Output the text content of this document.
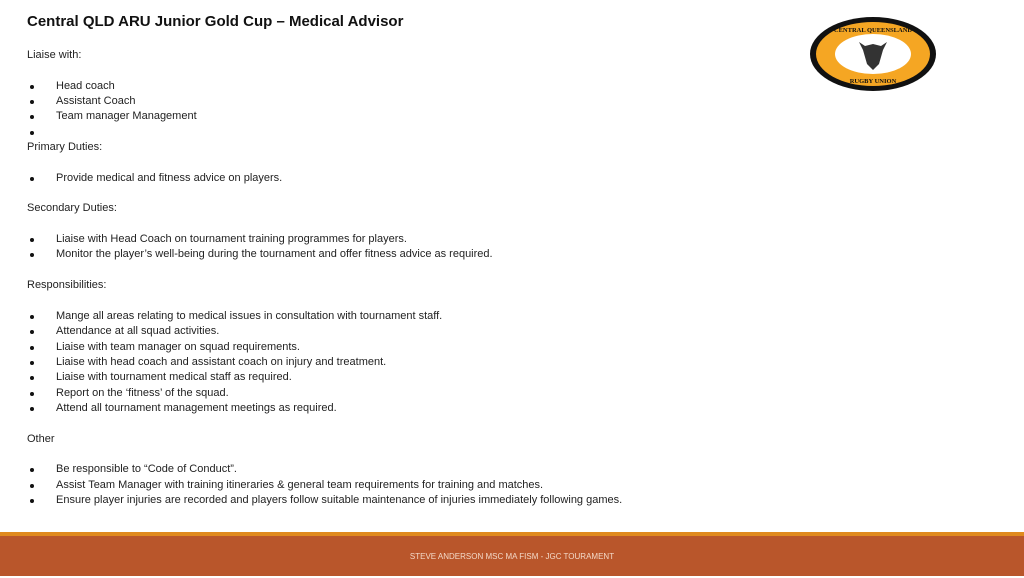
Central QLD ARU Junior Gold Cup – Medical Advisor
Liaise with:
Head coach
Assistant Coach
Team manager Management
Primary Duties:
Provide medical and fitness advice on players.
Secondary Duties:
Liaise with Head Coach on tournament training programmes for players.
Monitor the player’s well-being during the tournament and offer fitness advice as required.
Responsibilities:
Mange all areas relating to medical issues in consultation with tournament staff.
Attendance at all squad activities.
Liaise with team manager on squad requirements.
Liaise with head coach and assistant coach on injury and treatment.
Liaise with tournament medical staff as required.
Report on the ‘fitness’ of the squad.
Attend all tournament management meetings as required.
Other
Be responsible to “Code of Conduct”.
Assist Team Manager with training itineraries & general team requirements for training and matches.
Ensure player injuries are recorded and players follow suitable maintenance of injuries immediately following games.
CENTRAL QUEENSLAND
RUGBY UNION
STEVE ANDERSON MSC MA FISM - JGC TOURAMENT
